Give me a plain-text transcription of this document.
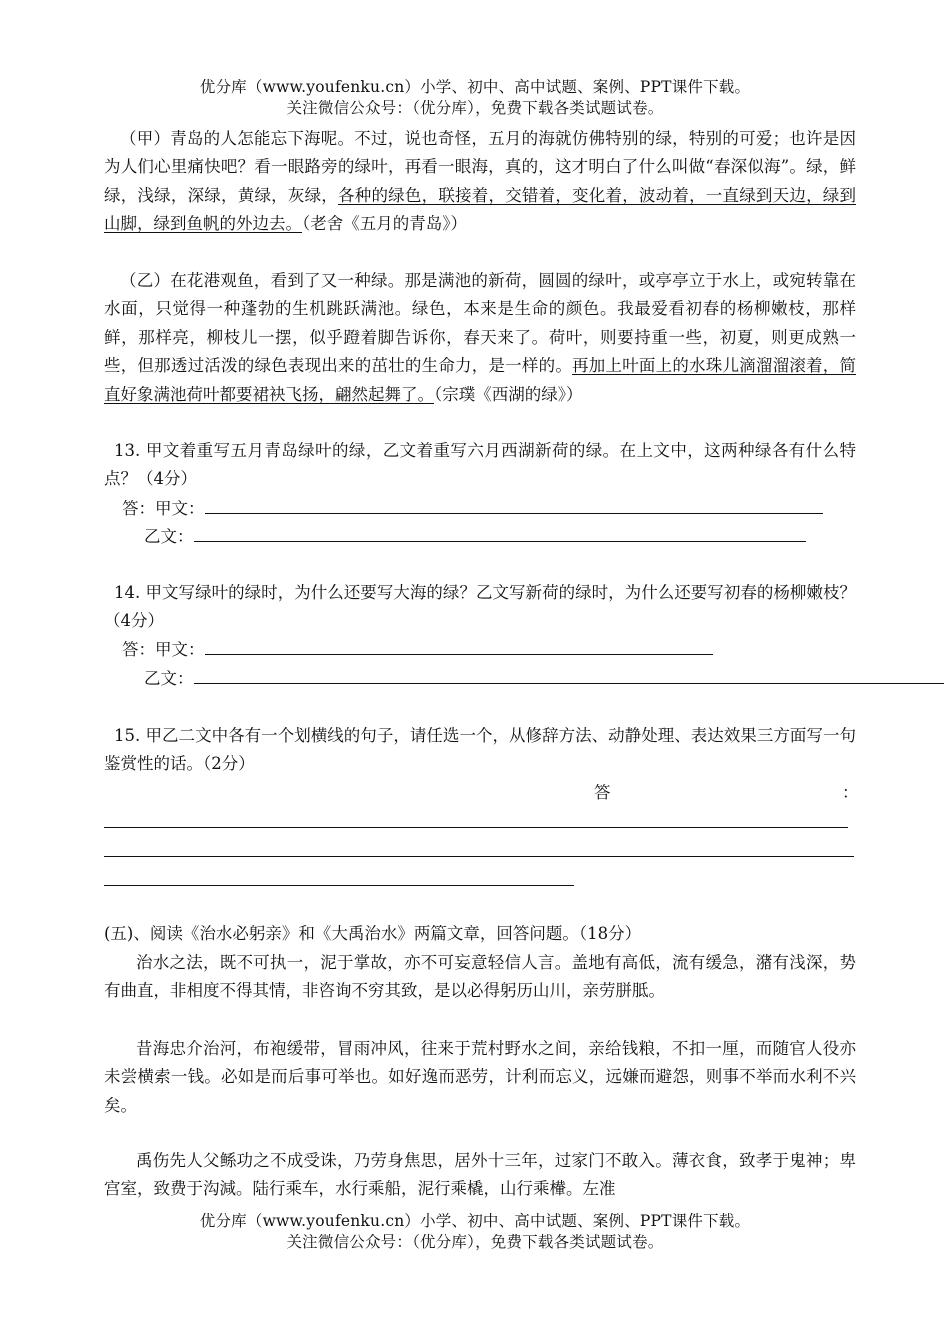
优分库（www.youfenku.cn）小学、初中、高中试题、案例、PPT课件下载。
关注微信公众号：（优分库），免费下载各类试题试卷。
（甲）青岛的人怎能忘下海呢。不过，说也奇怪，五月的海就仿佛特别的绿，特别的可爱；也许是因为人们心里痛快吧？看一眼路旁的绿叶，再看一眼海，真的，这才明白了什么叫做“春深似海”。绿，鲜绿，浅绿，深绿，黄绿，灰绿，各种的绿色，联接着，交错着，变化着，波动着，一直绿到天边，绿到山脚，绿到鱼帆的外边去。（老舍《五月的青岛》）
（乙）在花港观鱼，看到了又一种绿。那是满池的新荷，圆圆的绿叶，或亭亭立于水上，或宛转靠在水面，只觉得一种蓬勃的生机跳跃满池。绿色，本来是生命的颜色。我最爱看初春的杨柳嫩枝，那样鲜，那样亮，柳枝儿一摆，似乎蹬着脚告诉你，春天来了。荷叶，则要持重一些，初夏，则更成熟一些，但那透过活泼的绿色表现出来的茁壮的生命力，是一样的。再加上叶面上的水珠儿滴溜溜滚着，简直好象满池荷叶都要裙袂飞扬，翩然起舞了。（宗璞《西湖的绿》）
13. 甲文着重写五月青岛绿叶的绿，乙文着重写六月西湖新荷的绿。在上文中，这两种绿各有什么特点？（4分）
答：甲文：
乙文：
14. 甲文写绿叶的绿时，为什么还要写大海的绿？乙文写新荷的绿时，为什么还要写初春的杨柳嫩枝？（4分）
答：甲文：
乙文：
15. 甲乙二文中各有一个划横线的句子，请任选一个，从修辞方法、动静处理、表达效果三方面写一句鉴赏性的话。（2分）
答	：
(五)、阅读《治水必躬亲》和《大禹治水》两篇文章，回答问题。（18分）
治水之法，既不可执一，泥于掌故，亦不可妄意轻信人言。盖地有高低，流有缓急，潴有浅深，势有曲直，非相度不得其情，非咨询不穷其致，是以必得躬历山川，亲劳胼胝。
昔海忠介治河，布袍缓带，冒雨冲风，往来于荒村野水之间，亲给钱粮，不扣一厘，而随官人役亦未尝横索一钱。必如是而后事可举也。如好逸而恶劳，计利而忘义，远嫌而避怨，则事不举而水利不兴矣。
禹伤先人父鲧功之不成受诛，乃劳身焦思，居外十三年，过家门不敢入。薄衣食，致孝于鬼神；卑宫室，致费于沟減。陆行乘车，水行乘船，泥行乘橇，山行乘檋。左准
优分库（www.youfenku.cn）小学、初中、高中试题、案例、PPT课件下载。
关注微信公众号：（优分库），免费下载各类试题试卷。
